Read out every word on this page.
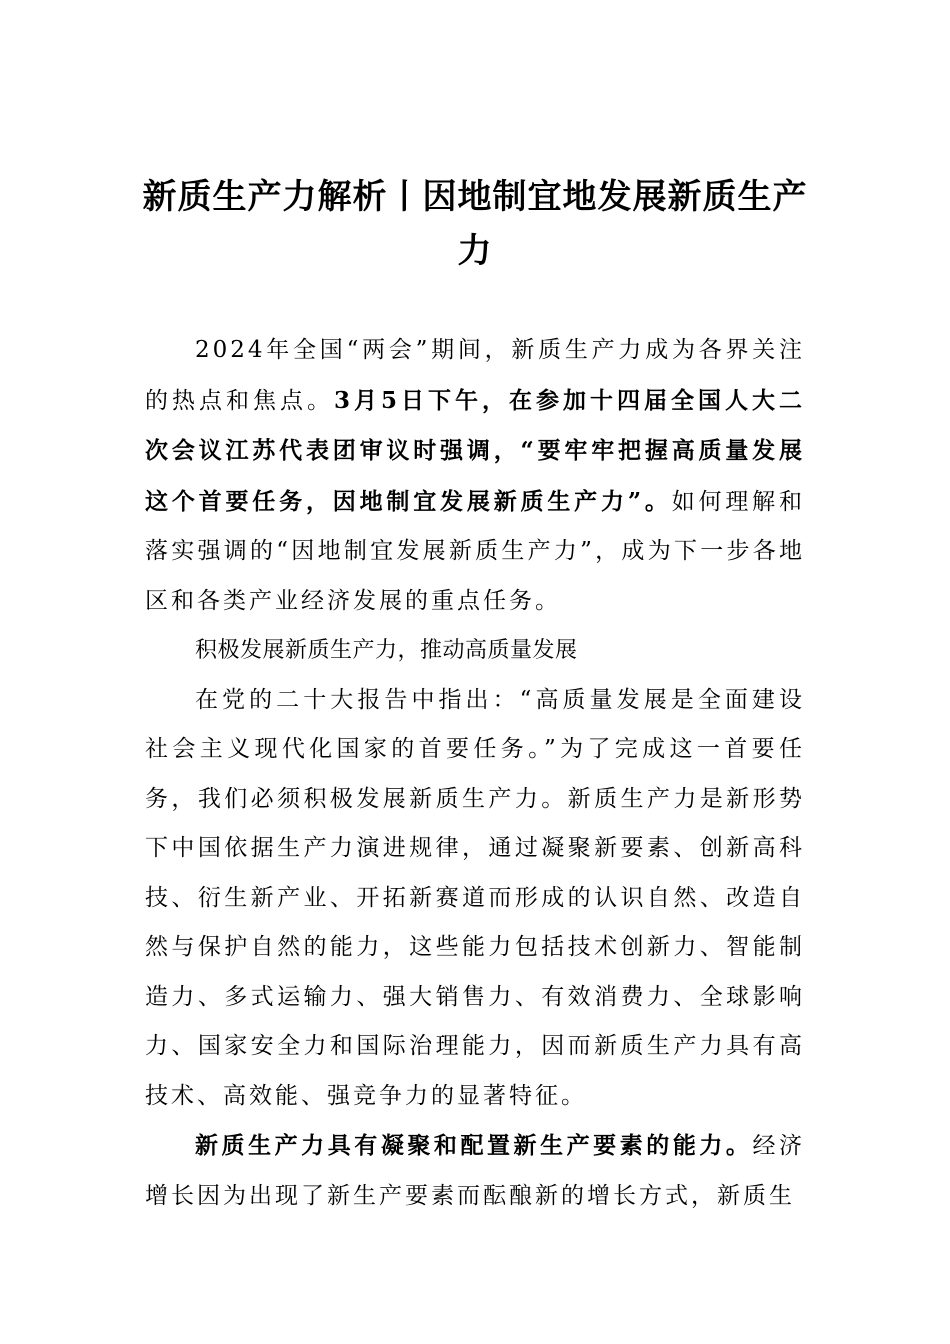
新质生产力解析丨因地制宜地发展新质生产力

2024年全国“两会”期间，新质生产力成为各界关注的热点和焦点。3月5日下午，在参加十四届全国人大二次会议江苏代表团审议时强调，“要牢牢把握高质量发展这个首要任务，因地制宜发展新质生产力”。如何理解和落实强调的“因地制宜发展新质生产力”，成为下一步各地区和各类产业经济发展的重点任务。

积极发展新质生产力，推动高质量发展

在党的二十大报告中指出：“高质量发展是全面建设社会主义现代化国家的首要任务。”为了完成这一首要任务，我们必须积极发展新质生产力。新质生产力是新形势下中国依据生产力演进规律，通过凝聚新要素、创新高科技、衍生新产业、开拓新赛道而形成的认识自然、改造自然与保护自然的能力，这些能力包括技术创新力、智能制造力、多式运输力、强大销售力、有效消费力、全球影响力、国家安全力和国际治理能力，因而新质生产力具有高技术、高效能、强竞争力的显著特征。

新质生产力具有凝聚和配置新生产要素的能力。经济增长因为出现了新生产要素而酝酿新的增长方式，新质生
